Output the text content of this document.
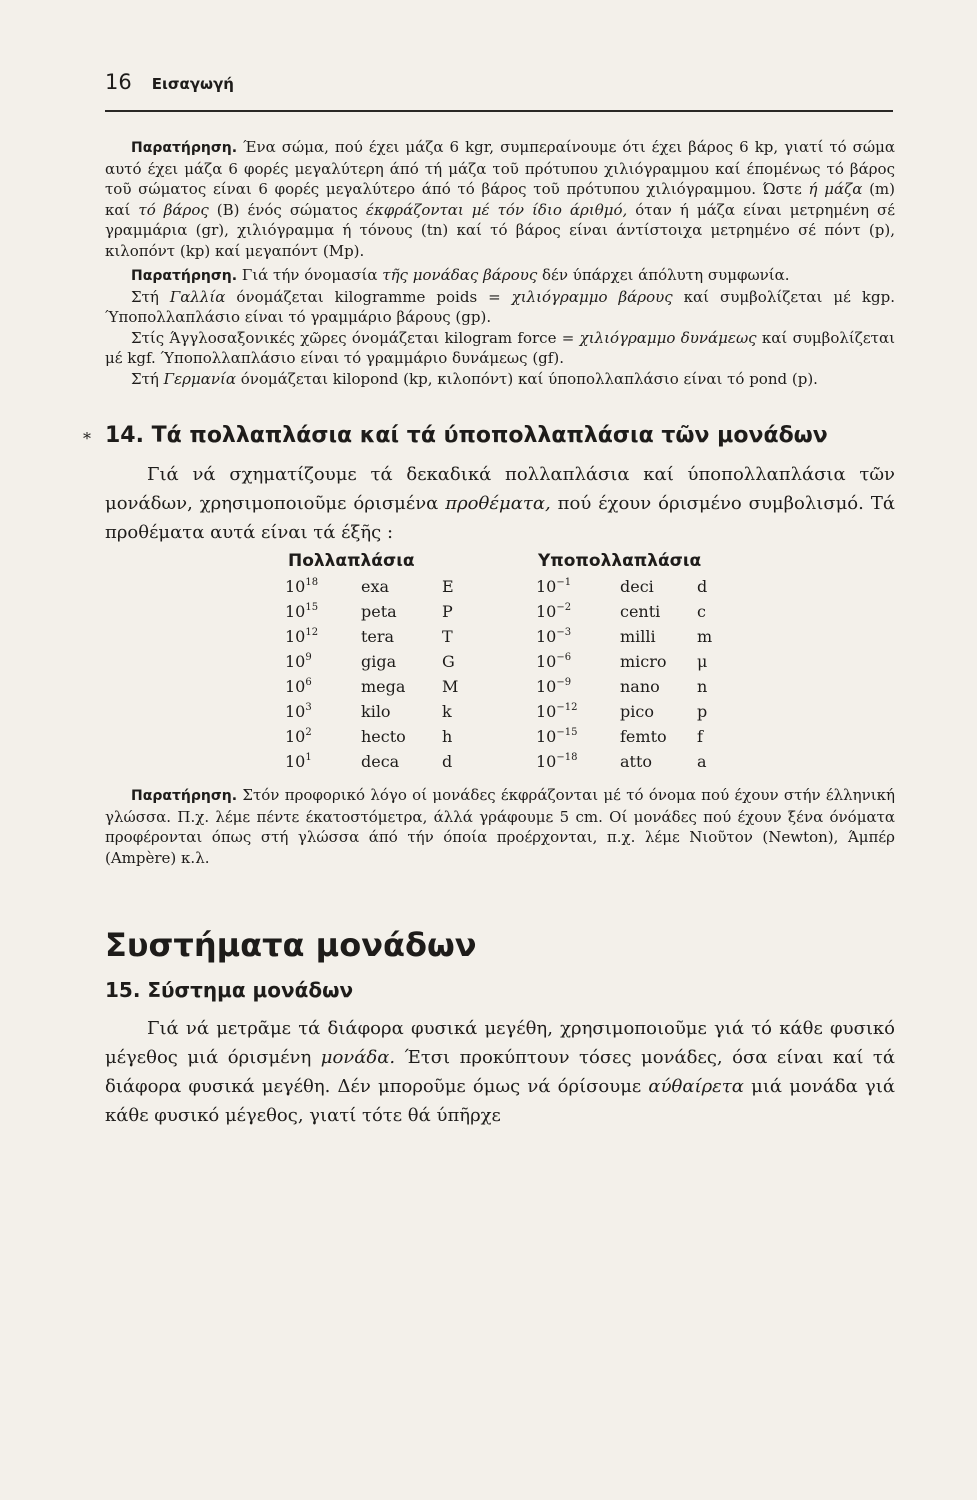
16 Εισαγωγή

Παρατήρηση. Ένα σώμα, πού έχει μάζα 6 kgr, συμπεραίνουμε ότι έχει βάρος 6 kp, γιατί τό σώμα αυτό έχει μάζα 6 φορές μεγαλύτερη άπό τή μάζα τοῦ πρότυπου χιλιόγραμμου καί έπομένως τό βάρος τοῦ σώματος είναι 6 φορές μεγαλύτερο άπό τό βάρος τοῦ πρότυπου χιλιόγραμμου. Ώστε ή μάζα (m) καί τό βάρος (B) ένός σώματος έκφράζονται μέ τόν ίδιο άριθμό, όταν ή μάζα είναι μετρημένη σέ γραμμάρια (gr), χιλιόγραμμα ή τόνους (tn) καί τό βάρος είναι άντίστοιχα μετρημένο σέ πόντ (p), κιλοπόντ (kp) καί μεγαπόντ (Mp).

Παρατήρηση. Γιά τήν όνομασία τῆς μονάδας βάρους δέν ύπάρχει άπόλυτη συμφωνία.

Στή Γαλλία όνομάζεται kilogramme poids = χιλιόγραμμο βάρους καί συμβολίζεται μέ kgp. Ύποπολλαπλάσιο είναι τό γραμμάριο βάρους (gp).

Στίς Άγγλοσαξονικές χῶρες όνομάζεται kilogram force = χιλιόγραμμο δυνάμεως καί συμβολίζεται μέ kgf. Ύποπολλαπλάσιο είναι τό γραμμάριο δυνάμεως (gf).

Στή Γερμανία όνομάζεται kilopond (kp, κιλοπόντ) καί ύποπολλαπλάσιο είναι τό pond (p).

* 14. Τά πολλαπλάσια καί τά ύποπολλαπλάσια τῶν μονάδων

Γιά νά σχηματίζουμε τά δεκαδικά πολλαπλάσια καί ύποπολλαπλάσια τῶν μονάδων, χρησιμοποιοῦμε όρισμένα προθέματα, πού έχουν όρισμένο συμβολισμό. Τά προθέματα αυτά είναι τά έξῆς :

Πολλαπλάσια	Υποπολλαπλάσια
$10^{18}$	exa	E	$10^{-1}$	deci	d
$10^{15}$	peta	P	$10^{-2}$	centi c
$10^{12}$	tera	T	$10^{-3}$	milli	m
$10^9$	giga	G	$10^{-6}$	micro μ
$10^6$	mega M	$10^{-9}$	nano n
$10^3$	kilo	k	$10^{-12}$	pico	p
$10^2$	hecto h	$10^{-15}$	femto f
$10^1$	deca	d	$10^{-18}$	atto	a

Παρατήρηση. Στόν προφορικό λόγο οί μονάδες έκφράζονται μέ τό όνομα πού έχουν στήν έλληνική γλώσσα. Π.χ. λέμε πέντε έκατοστόμετρα, άλλά γράφουμε 5 cm. Οί μονάδες πού έχουν ξένα όνόματα προφέρονται όπως στή γλώσσα άπό τήν όποία προέρχονται, π.χ. λέμε Νιοῦτον (Newton), Άμπέρ (Ampère) κ.λ.

Συστήματα μονάδων
15. Σύστημα μονάδων

Γιά νά μετρᾶμε τά διάφορα φυσικά μεγέθη, χρησιμοποιοῦμε γιά τό κάθε φυσικό μέγεθος μιά όρισμένη μονάδα. Έτσι προκύπτουν τόσες μονάδες, όσα είναι καί τά διάφορα φυσικά μεγέθη. Δέν μποροῦμε όμως νά όρίσουμε αύθαίρετα μιά μονάδα γιά κάθε φυσικό μέγεθος, γιατί τότε θά ύπῆρχε
